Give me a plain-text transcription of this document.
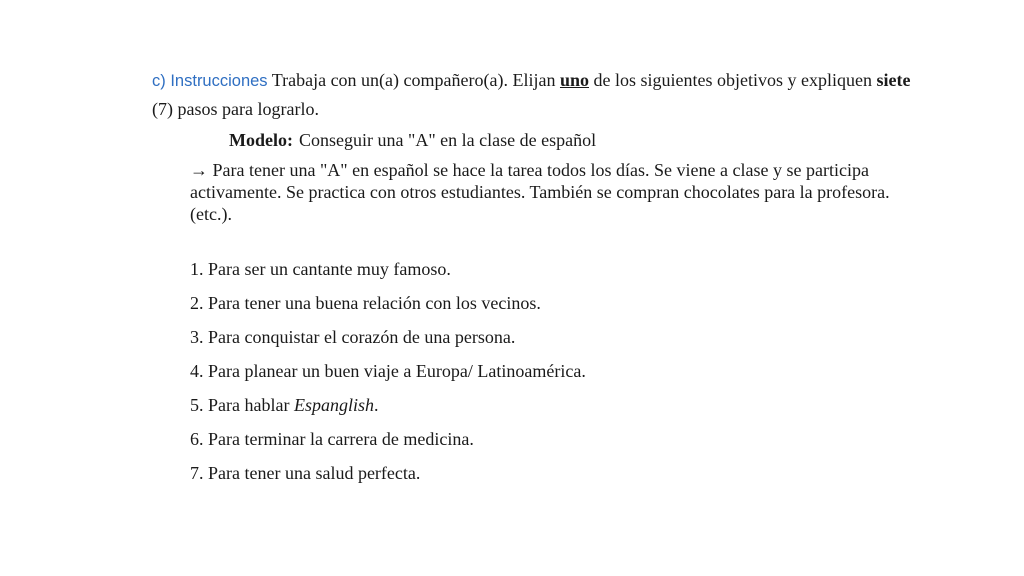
c) Instrucciones Trabaja con un(a) compañero(a). Elijan uno de los siguientes objetivos y expliquen siete (7) pasos para lograrlo.

Modelo: Conseguir una "A" en la clase de español

→ Para tener una "A" en español se hace la tarea todos los días. Se viene a clase y se participa activamente. Se practica con otros estudiantes. También se compran chocolates para la profesora. (etc.).

1. Para ser un cantante muy famoso.
2. Para tener una buena relación con los vecinos.
3. Para conquistar el corazón de una persona.
4. Para planear un buen viaje a Europa/ Latinoamérica.
5. Para hablar Espanglish.
6. Para terminar la carrera de medicina.
7. Para tener una salud perfecta.
